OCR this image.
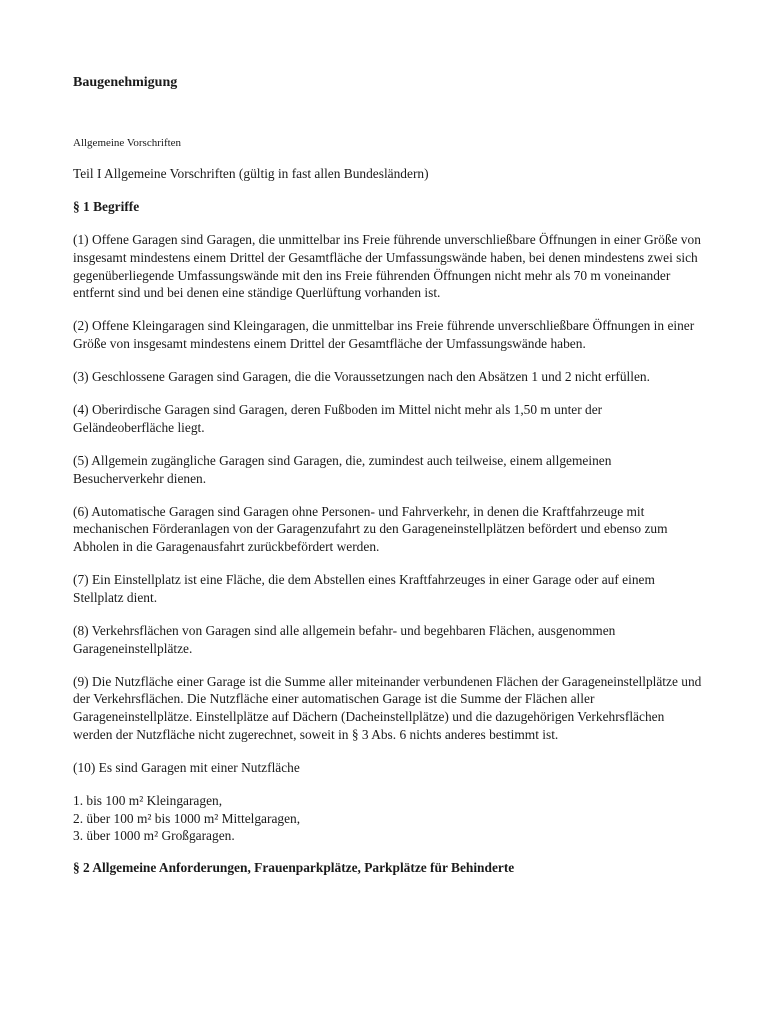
Baugenehmigung
Allgemeine Vorschriften

Teil I Allgemeine Vorschriften (gültig in fast allen Bundesländern)

§ 1 Begriffe

(1) Offene Garagen sind Garagen, die unmittelbar ins Freie führende unverschließbare Öffnungen in einer Größe von insgesamt mindestens einem Drittel der Gesamtfläche der Umfassungswände haben, bei denen mindestens zwei sich gegenüberliegende Umfassungswände mit den ins Freie führenden Öffnungen nicht mehr als 70 m voneinander entfernt sind und bei denen eine ständige Querlüftung vorhanden ist.

(2) Offene Kleingaragen sind Kleingaragen, die unmittelbar ins Freie führende unverschließbare Öffnungen in einer Größe von insgesamt mindestens einem Drittel der Gesamtfläche der Umfassungswände haben.

(3) Geschlossene Garagen sind Garagen, die die Voraussetzungen nach den Absätzen 1 und 2 nicht erfüllen.

(4) Oberirdische Garagen sind Garagen, deren Fußboden im Mittel nicht mehr als 1,50 m unter der Geländeoberfläche liegt.

(5) Allgemein zugängliche Garagen sind Garagen, die, zumindest auch teilweise, einem allgemeinen Besucherverkehr dienen.

(6) Automatische Garagen sind Garagen ohne Personen- und Fahrverkehr, in denen die Kraftfahrzeuge mit mechanischen Förderanlagen von der Garagenzufahrt zu den Garageneinstellplätzen befördert und ebenso zum Abholen in die Garagenausfahrt zurückbefördert werden.

(7) Ein Einstellplatz ist eine Fläche, die dem Abstellen eines Kraftfahrzeuges in einer Garage oder auf einem Stellplatz dient.

(8) Verkehrsflächen von Garagen sind alle allgemein befahr- und begehbaren Flächen, ausgenommen Garageneinstellplätze.

(9) Die Nutzfläche einer Garage ist die Summe aller miteinander verbundenen Flächen der Garageneinstellplätze und der Verkehrsflächen. Die Nutzfläche einer automatischen Garage ist die Summe der Flächen aller Garageneinstellplätze. Einstellplätze auf Dächern (Dacheinstellplätze) und die dazugehörigen Verkehrsflächen werden der Nutzfläche nicht zugerechnet, soweit in § 3 Abs. 6 nichts anderes bestimmt ist.

(10) Es sind Garagen mit einer Nutzfläche

1. bis 100 m² Kleingaragen,
2. über 100 m² bis 1000 m² Mittelgaragen,
3. über 1000 m² Großgaragen.

§ 2 Allgemeine Anforderungen, Frauenparkplätze, Parkplätze für Behinderte
